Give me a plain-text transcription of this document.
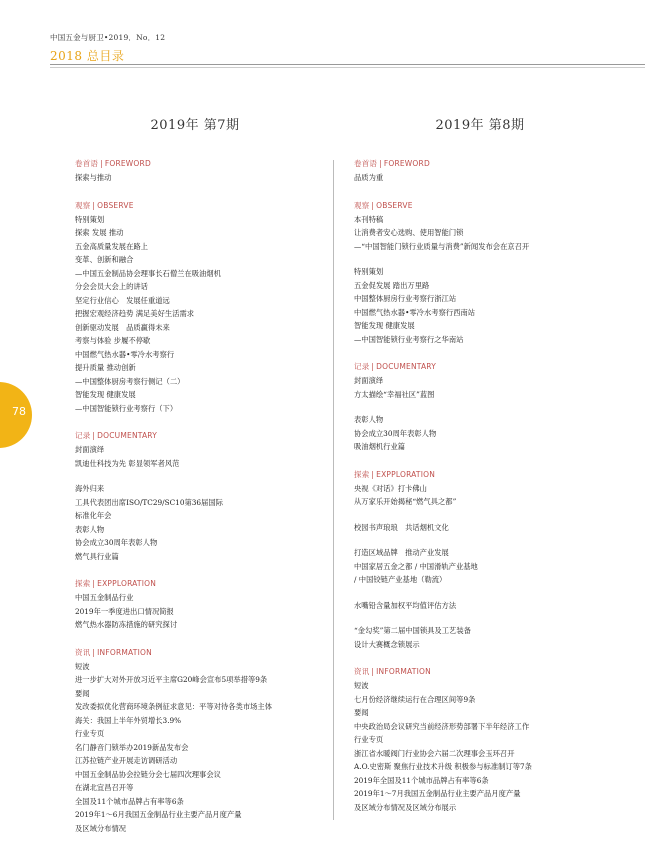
中国五金与厨卫•2019．No．12
2018 总目录
78
2019年 第7期	2019年 第8期
卷首语 | FOREWORD
探索与推动
观察 | OBSERVE
特别策划
探索 发展 推动
五金高质量发展在路上
变革、创新和融合
—中国五金制品协会理事长石僧兰在吸油烟机
分会会员大会上的讲话
坚定行业信心　发展任重道远
把握宏观经济趋势 满足美好生活需求
创新驱动发展　品质赢得未来
考察与体验 步履不停歇
中国燃气热水器•零冷水考察行
提升质量 推动创新
—中国整体厨房考察行侧记（二）
智能发现 健康发展
—中国智能锁行业考察行（下）
记录 | DOCUMENTARY
封面演绎
凯迪仕科技为先 彰显领军者风范
海外归来
工具代表团出席ISO/TC29/SC10第36届国际
标准化年会
表彰人物
协会成立30周年表彰人物
燃气具行业篇
探索 | EXPPLORATION
中国五金制品行业
2019年一季度进出口情况简报
燃气热水器防冻措施的研究探讨
资讯 | INFORMATION
短波
进一步扩大对外开放习近平主席G20峰会宣布5项举措等9条
要闻
发改委拟优化营商环境条例征求意见：平等对待各类市场主体
海关：我国上半年外贸增长3.9%
行业专页
名门静音门锁举办2019新品发布会
江苏拉链产业开展走访调研活动
中国五金制品协会拉链分会七届四次理事会议
在湖北宜昌召开等
全国及11个城市品牌占有率等6条
2019年1～6月我国五金制品行业主要产品月度产量
及区域分布情况
卷首语 | FOREWORD
品质为重
观察 | OBSERVE
本刊特稿
让消费者安心选购、使用智能门锁
—“中国智能门锁行业质量与消费”新闻发布会在京召开
特别策划
五金促发展 踏出万里路
中国整体厨房行业考察行浙江站
中国燃气热水器•零冷水考察行西南站
智能发现 健康发展
—中国智能锁行业考察行之华南站
记录 | DOCUMENTARY
封面演绎
方太描绘“幸福社区”蓝图
表彰人物
协会成立30周年表彰人物
吸油烟机行业篇
探索 | EXPPLORATION
央视《对话》打卡佛山
从万家乐开始揭秘“燃气具之都”
校园书声琅琅　共话烟机文化
打造区域品牌　推动产业发展
中国家居五金之都 / 中国滑轨产业基地
/ 中国铰链产业基地（勒流）
水嘴铅含量加权平均值评估方法
“金勾奖”第二届中国锁具及工艺装备
设计大赛概念锁展示
资讯 | INFORMATION
短波
七月份经济继续运行在合理区间等9条
要闻
中央政治局会议研究当前经济形势部署下半年经济工作
行业专页
浙江省水暖阀门行业协会六届二次理事会玉环召开
A.O.史密斯 聚焦行业技术升级 积极参与标准制订等7条
2019年全国及11个城市品牌占有率等6条
2019年1～7月我国五金制品行业主要产品月度产量
及区域分布情况及区域分布展示
